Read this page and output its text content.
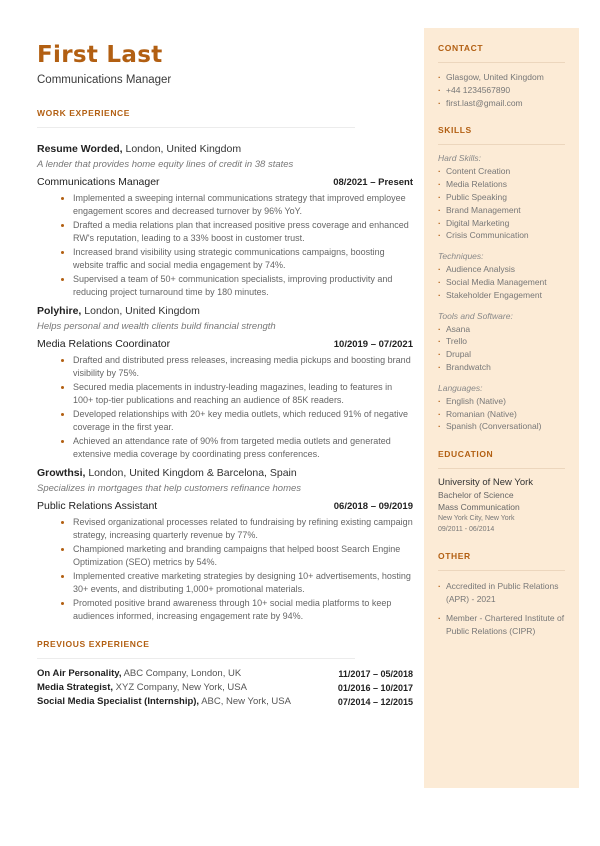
First Last
Communications Manager
WORK EXPERIENCE
Resume Worded, London, United Kingdom
A lender that provides home equity lines of credit in 38 states
Communications Manager	08/2021 – Present
Implemented a sweeping internal communications strategy that improved employee engagement scores and decreased turnover by 96% YoY.
Drafted a media relations plan that increased positive press coverage and enhanced RW's reputation, leading to a 33% boost in customer trust.
Increased brand visibility using strategic communications campaigns, boosting website traffic and social media engagement by 74%.
Supervised a team of 50+ communication specialists, improving productivity and reducing project turnaround time by 180 minutes.
Polyhire, London, United Kingdom
Helps personal and wealth clients build financial strength
Media Relations Coordinator	10/2019 – 07/2021
Drafted and distributed press releases, increasing media pickups and boosting brand visibility by 75%.
Secured media placements in industry-leading magazines, leading to features in 100+ top-tier publications and reaching an audience of 85K readers.
Developed relationships with 20+ key media outlets, which reduced 91% of negative coverage in the first year.
Achieved an attendance rate of 90% from targeted media outlets and generated extensive media coverage by coordinating press conferences.
Growthsi, London, United Kingdom & Barcelona, Spain
Specializes in mortgages that help customers refinance homes
Public Relations Assistant	06/2018 – 09/2019
Revised organizational processes related to fundraising by refining existing campaign strategy, increasing quarterly revenue by 77%.
Championed marketing and branding campaigns that helped boost Search Engine Optimization (SEO) metrics by 54%.
Implemented creative marketing strategies by designing 10+ advertisements, hosting 30+ events, and distributing 1,000+ promotional materials.
Promoted positive brand awareness through 10+ social media platforms to keep audiences informed, increasing engagement rate by 94%.
PREVIOUS EXPERIENCE
On Air Personality, ABC Company, London, UK	11/2017 – 05/2018
Media Strategist, XYZ Company, New York, USA	01/2016 – 10/2017
Social Media Specialist (Internship), ABC, New York, USA	07/2014 – 12/2015
CONTACT
· Glasgow, United Kingdom
· +44 1234567890
· first.last@gmail.com
SKILLS
Hard Skills:
· Content Creation
· Media Relations
· Public Speaking
· Brand Management
· Digital Marketing
· Crisis Communication
Techniques:
· Audience Analysis
· Social Media Management
· Stakeholder Engagement
Tools and Software:
· Asana
· Trello
· Drupal
· Brandwatch
Languages:
· English (Native)
· Romanian (Native)
· Spanish (Conversational)
EDUCATION
University of New York
Bachelor of Science
Mass Communication
New York City, New York
09/2011 - 06/2014
OTHER
· Accredited in Public Relations (APR) - 2021
· Member - Chartered Institute of Public Relations (CIPR)
